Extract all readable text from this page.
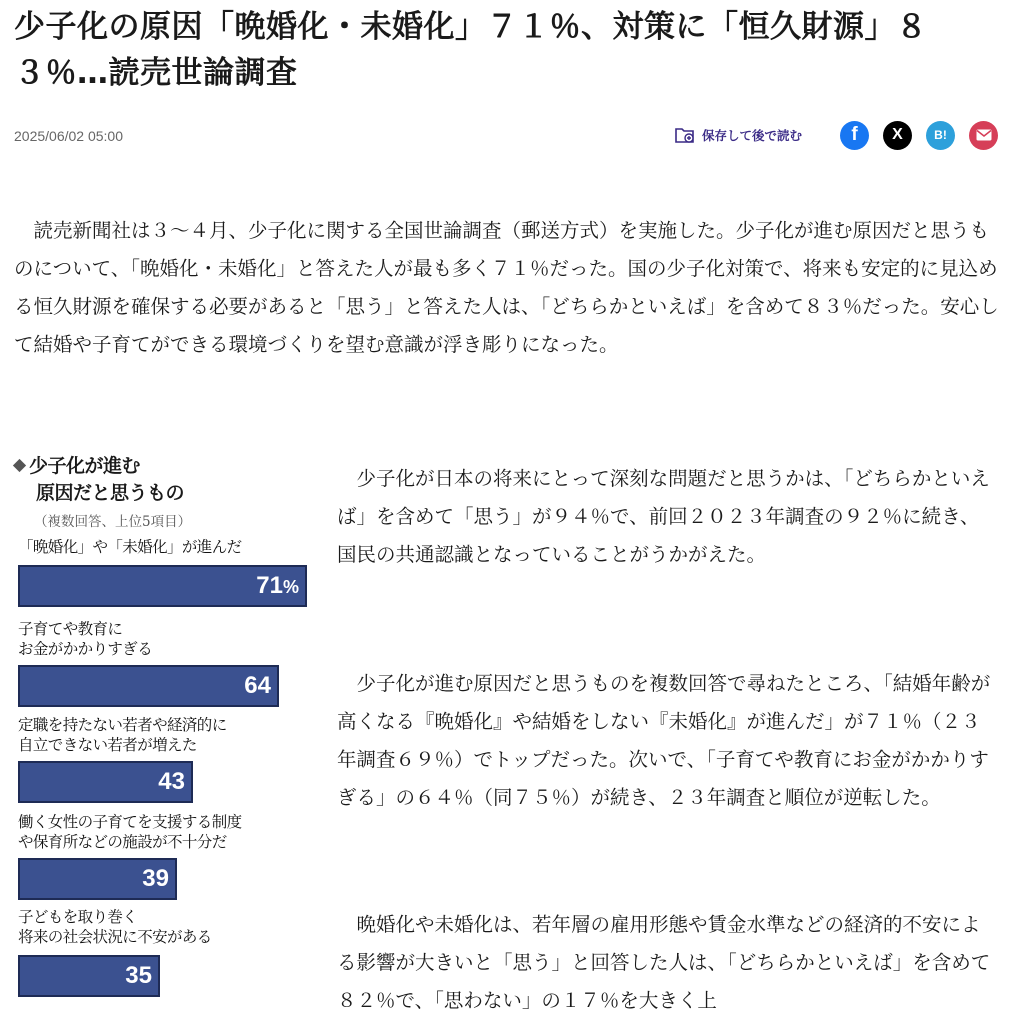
少子化の原因「晩婚化・未婚化」７１％、対策に「恒久財源」８３％…読売世論調査
2025/06/02 05:00	保存して後で読む	f X	B!

読売新聞社は３～４月、少子化に関する全国世論調査（郵送方式）を実施した。少子化が進む原因だと思うものについて、「晩婚化・未婚化」と答えた人が最も多く７１％だった。国の少子化対策で、将来も安定的に見込める恒久財源を確保する必要があると「思う」と答えた人は、「どちらかといえば」を含めて８３％だった。安心して結婚や子育てができる環境づくりを望む意識が浮き彫りになった。

少子化が進む
原因だと思うもの
（複数回答、上位5項目）
「晩婚化」や「未婚化」が進んだ
71%
子育てや教育に
お金がかかりすぎる
64
定職を持たない若者や経済的に
自立できない若者が増えた
43
働く女性の子育てを支援する制度
や保育所などの施設が不十分だ
39
子どもを取り巻く
将来の社会状況に不安がある
35

少子化が日本の将来にとって深刻な問題だと思うかは、「どちらかといえば」を含めて「思う」が９４％で、前回２０２３年調査の９２％に続き、国民の共通認識となっていることがうかがえた。

少子化が進む原因だと思うものを複数回答で尋ねたところ、「結婚年齢が高くなる『晩婚化』や結婚をしない『未婚化』が進んだ」が７１％（２３年調査６９％）でトップだった。次いで、「子育てや教育にお金がかかりすぎる」の６４％（同７５％）が続き、２３年調査と順位が逆転した。

晩婚化や未婚化は、若年層の雇用形態や賃金水準などの経済的不安による影響が大きいと「思う」と回答した人は、「どちらかといえば」を含めて８２％で、「思わない」の１７％を大きく上
